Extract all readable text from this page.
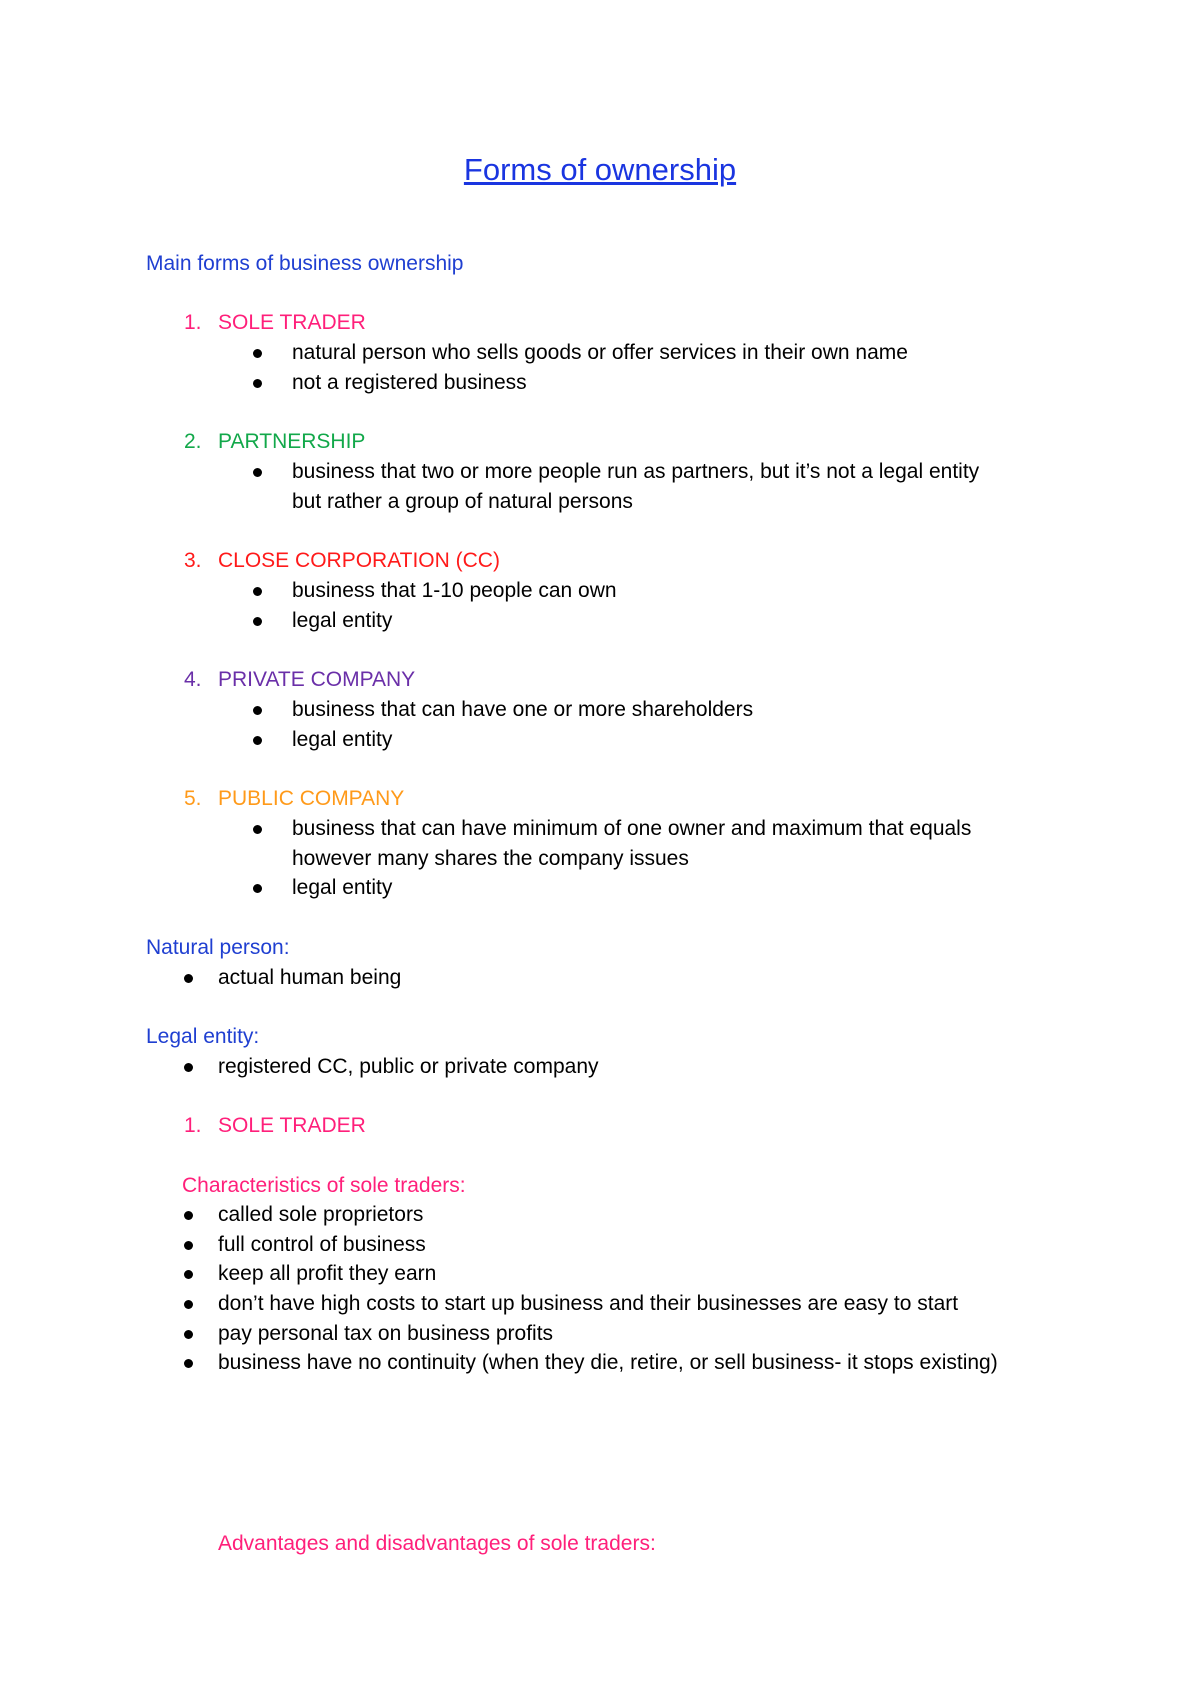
Forms of ownership
Main forms of business ownership
1. SOLE TRADER
natural person who sells goods or offer services in their own name
not a registered business
2. PARTNERSHIP
business that two or more people run as partners, but it’s not a legal entity
but rather a group of natural persons
3. CLOSE CORPORATION (CC)
business that 1-10 people can own
legal entity
4. PRIVATE COMPANY
business that can have one or more shareholders
legal entity
5. PUBLIC COMPANY
business that can have minimum of one owner and maximum that equals
however many shares the company issues
legal entity
Natural person:
actual human being
Legal entity:
registered CC, public or private company
1. SOLE TRADER
Characteristics of sole traders:
called sole proprietors
full control of business
keep all profit they earn
don’t have high costs to start up business and their businesses are easy to start
pay personal tax on business profits
business have no continuity (when they die, retire, or sell business- it stops existing)
Advantages and disadvantages of sole traders:
